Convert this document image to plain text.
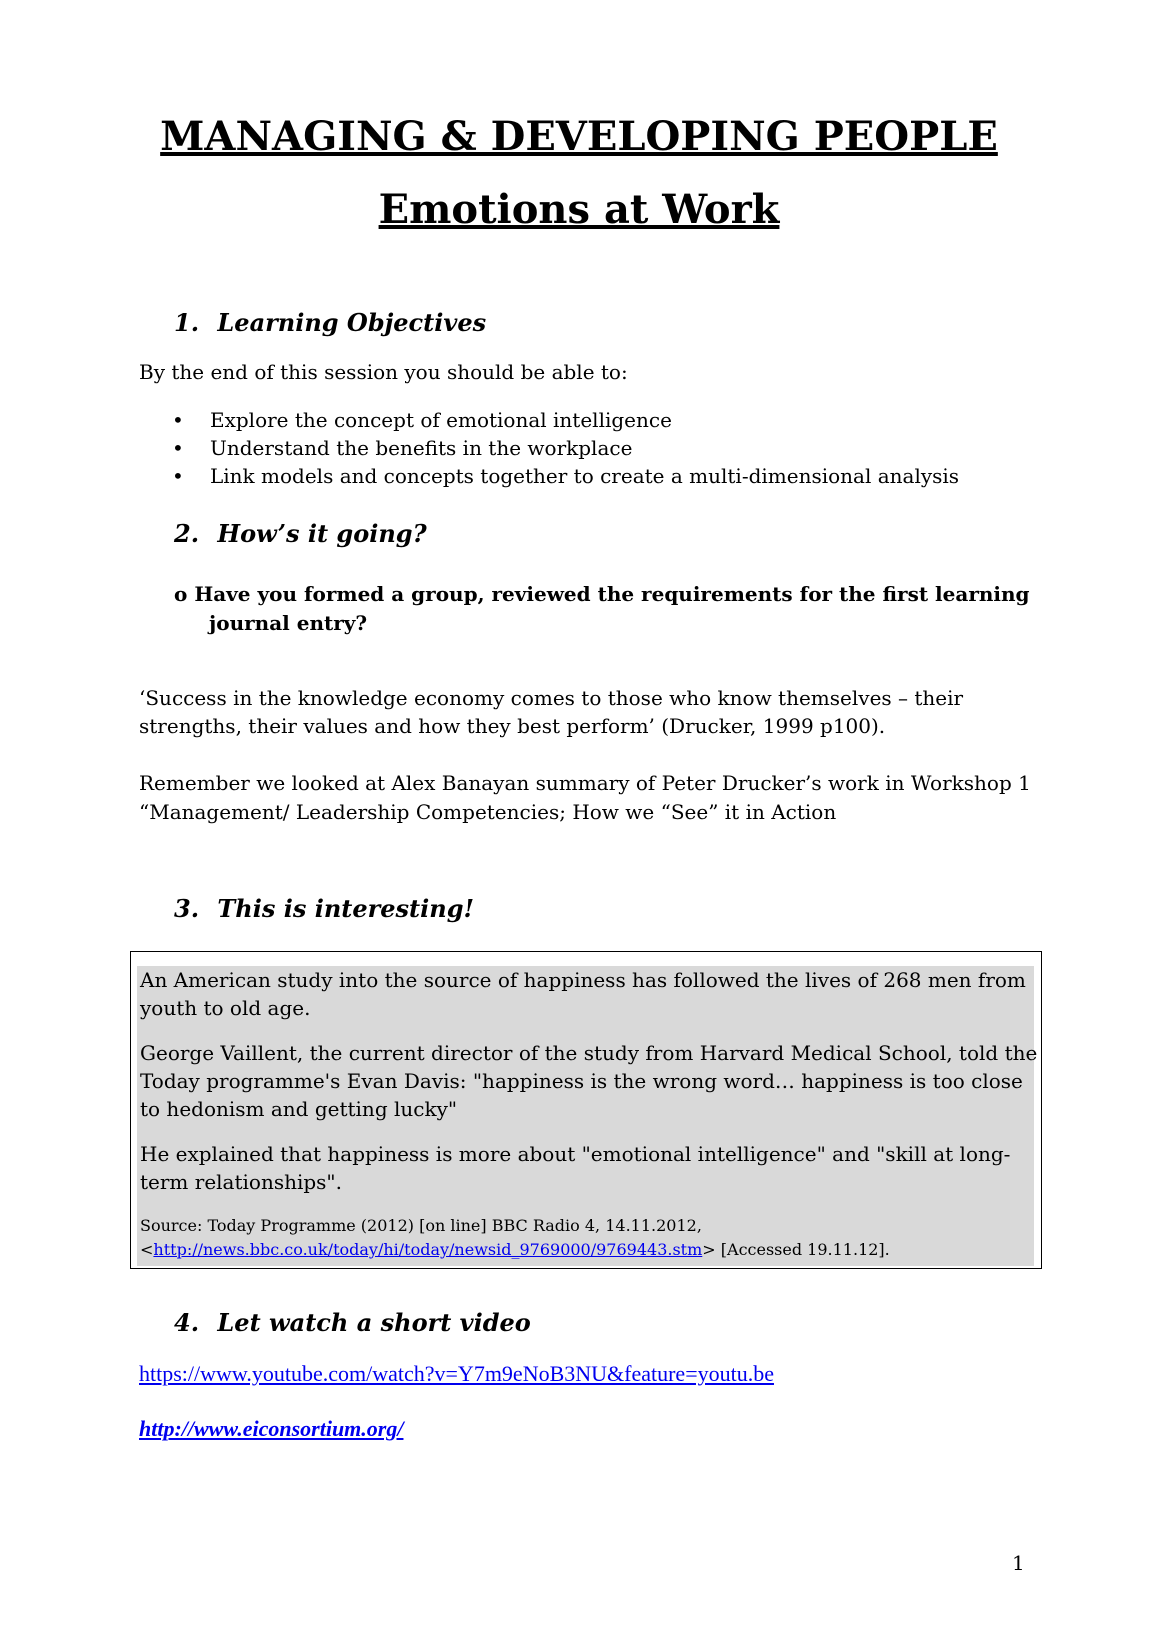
MANAGING & DEVELOPING PEOPLE
Emotions at Work
1. Learning Objectives
By the end of this session you should be able to:
• Explore the concept of emotional intelligence
• Understand the benefits in the workplace
• Link models and concepts together to create a multi-dimensional analysis
2. How’s it going?
o Have you formed a group, reviewed the requirements for the first learning
journal entry?
‘Success in the knowledge economy comes to those who know themselves – their
strengths, their values and how they best perform’ (Drucker, 1999 p100).
Remember we looked at Alex Banayan summary of Peter Drucker’s work in Workshop 1
“Management/ Leadership Competencies; How we “See” it in Action
3. This is interesting!
An American study into the source of happiness has followed the lives of 268 men from
youth to old age.
George Vaillent, the current director of the study from Harvard Medical School, told the
Today programme's Evan Davis: "happiness is the wrong word… happiness is too close
to hedonism and getting lucky"
He explained that happiness is more about "emotional intelligence" and "skill at long-
term relationships".
Source: Today Programme (2012) [on line] BBC Radio 4, 14.11.2012,
<http://news.bbc.co.uk/today/hi/today/newsid_9769000/9769443.stm> [Accessed 19.11.12].
4. Let watch a short video
https://www.youtube.com/watch?v=Y7m9eNoB3NU&feature=youtu.be
http://www.eiconsortium.org/
1
